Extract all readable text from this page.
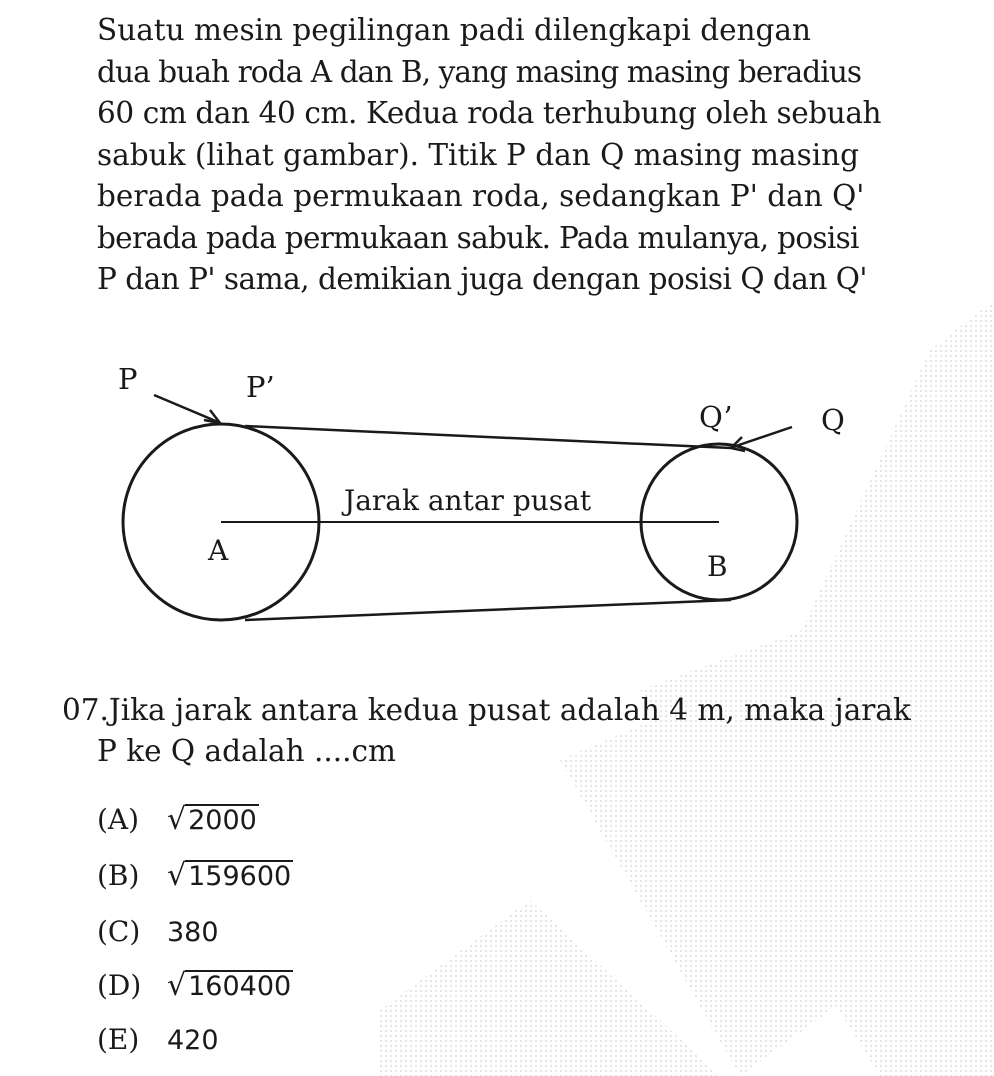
Suatu mesin pegilingan padi dilengkapi dengan
dua buah roda A dan B, yang masing masing beradius
60 cm dan 40 cm. Kedua roda terhubung oleh sebuah
sabuk (lihat gambar). Titik P dan Q masing masing
berada pada permukaan roda, sedangkan P' dan Q'
berada pada permukaan sabuk. Pada mulanya, posisi
P dan P' sama, demikian juga dengan posisi Q dan Q'
P	P’
Q’	Q
Jarak antar pusat
A	B
07.Jika jarak antara kedua pusat adalah 4 m, maka jarak
P ke Q adalah ....cm
(A) √2000
(B) √159600
(C) 380
(D) √160400
(E) 420
